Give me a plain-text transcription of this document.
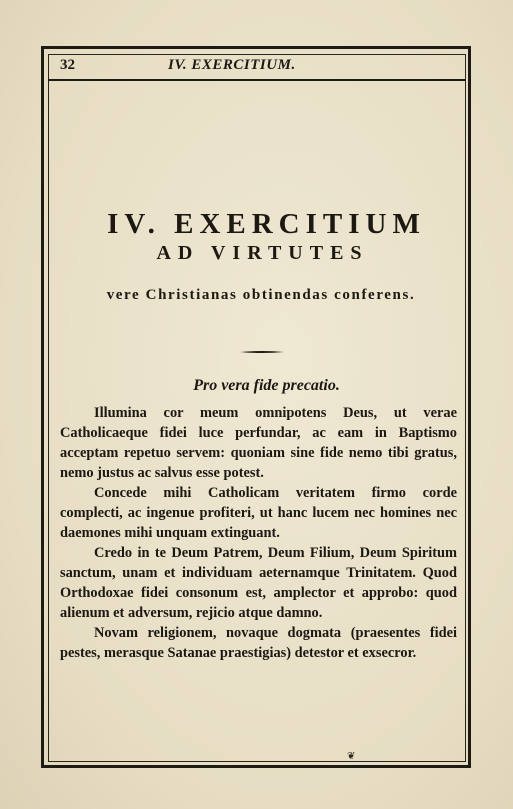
32	IV. EXERCITIUM.
IV. EXERCITIUM
AD VIRTUTES
vere Christianas obtinendas conferens.
Pro vera fide precatio.

Illumina cor meum omnipotens Deus, ut verae Catholicaeque fidei luce perfundar, ac eam in Baptismo acceptam repetuo servem: quoniam sine fide nemo tibi gratus, nemo justus ac salvus esse potest.

Concede mihi Catholicam veritatem firmo corde complecti, ac ingenue profiteri, ut hanc lucem nec homines nec daemones mihi unquam extinguant.

Credo in te Deum Patrem, Deum Filium, Deum Spiritum sanctum, unam et individuam aeternamque Trinitatem. Quod Orthodoxae fidei consonum est, amplector et approbo: quod alienum et adversum, rejicio atque damno.

Novam religionem, novaque dogmata (praesentes fidei pestes, merasque Satanae praestigias) detestor et exsecror.

❦
